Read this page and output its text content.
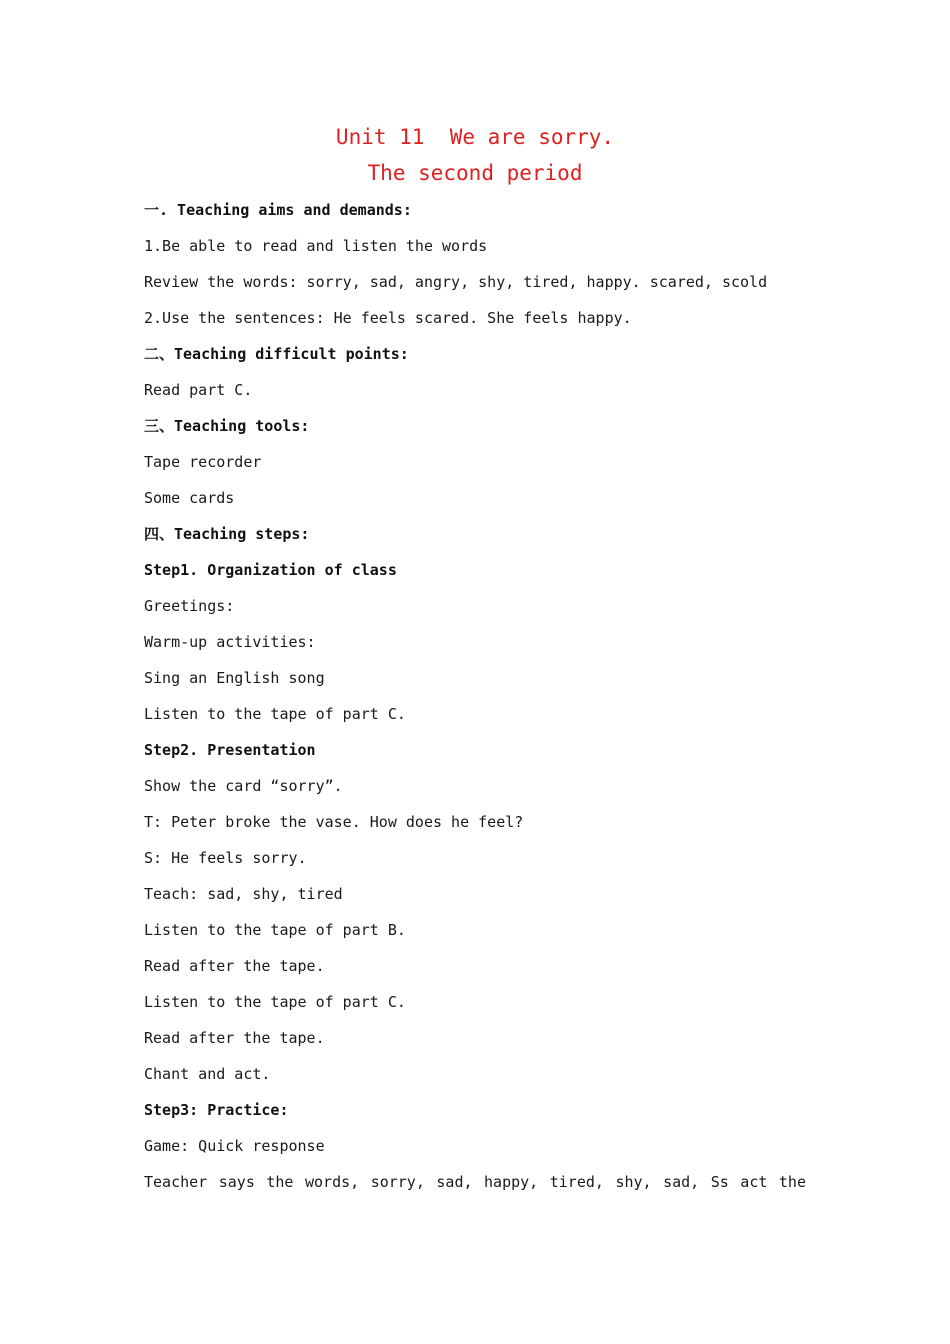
Unit 11  We are sorry.
The second period
一. Teaching aims and demands:
1.Be able to read and listen the words
Review the words: sorry, sad, angry, shy, tired, happy. scared, scold
2.Use the sentences: He feels scared. She feels happy.
二、Teaching difficult points:
Read part C.
三、Teaching tools:
Tape recorder
Some cards
四、Teaching steps:
Step1. Organization of class
Greetings:
Warm-up activities:
Sing an English song
Listen to the tape of part C.
Step2. Presentation
Show the card “sorry”.
T: Peter broke the vase. How does he feel?
S: He feels sorry.
Teach: sad, shy, tired
Listen to the tape of part B.
Read after the tape.
Listen to the tape of part C.
Read after the tape.
Chant and act.
Step3: Practice:
Game: Quick response
Teacher says the words, sorry, sad, happy, tired, shy, sad, Ss act the
